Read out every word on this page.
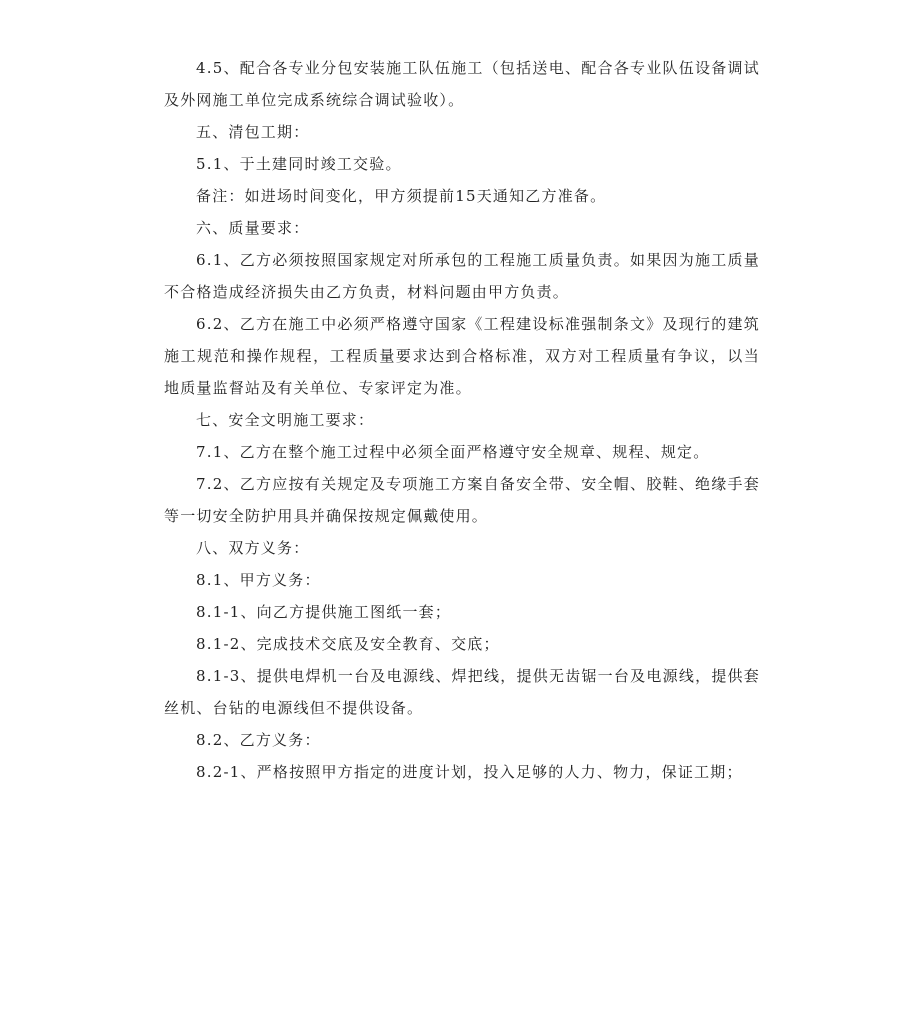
4.5、配合各专业分包安装施工队伍施工（包括送电、配合各专业队伍设备调试及外网施工单位完成系统综合调试验收）。

五、清包工期：

5.1、于土建同时竣工交验。

备注：如进场时间变化，甲方须提前15天通知乙方准备。

六、质量要求：

6.1、乙方必须按照国家规定对所承包的工程施工质量负责。如果因为施工质量不合格造成经济损失由乙方负责，材料问题由甲方负责。

6.2、乙方在施工中必须严格遵守国家《工程建设标准强制条文》及现行的建筑施工规范和操作规程，工程质量要求达到合格标准，双方对工程质量有争议，以当地质量监督站及有关单位、专家评定为准。

七、安全文明施工要求：

7.1、乙方在整个施工过程中必须全面严格遵守安全规章、规程、规定。

7.2、乙方应按有关规定及专项施工方案自备安全带、安全帽、胶鞋、绝缘手套等一切安全防护用具并确保按规定佩戴使用。

八、双方义务：

8.1、甲方义务：

8.1-1、向乙方提供施工图纸一套；

8.1-2、完成技术交底及安全教育、交底；

8.1-3、提供电焊机一台及电源线、焊把线，提供无齿锯一台及电源线，提供套丝机、台钻的电源线但不提供设备。

8.2、乙方义务：

8.2-1、严格按照甲方指定的进度计划，投入足够的人力、物力，保证工期；
